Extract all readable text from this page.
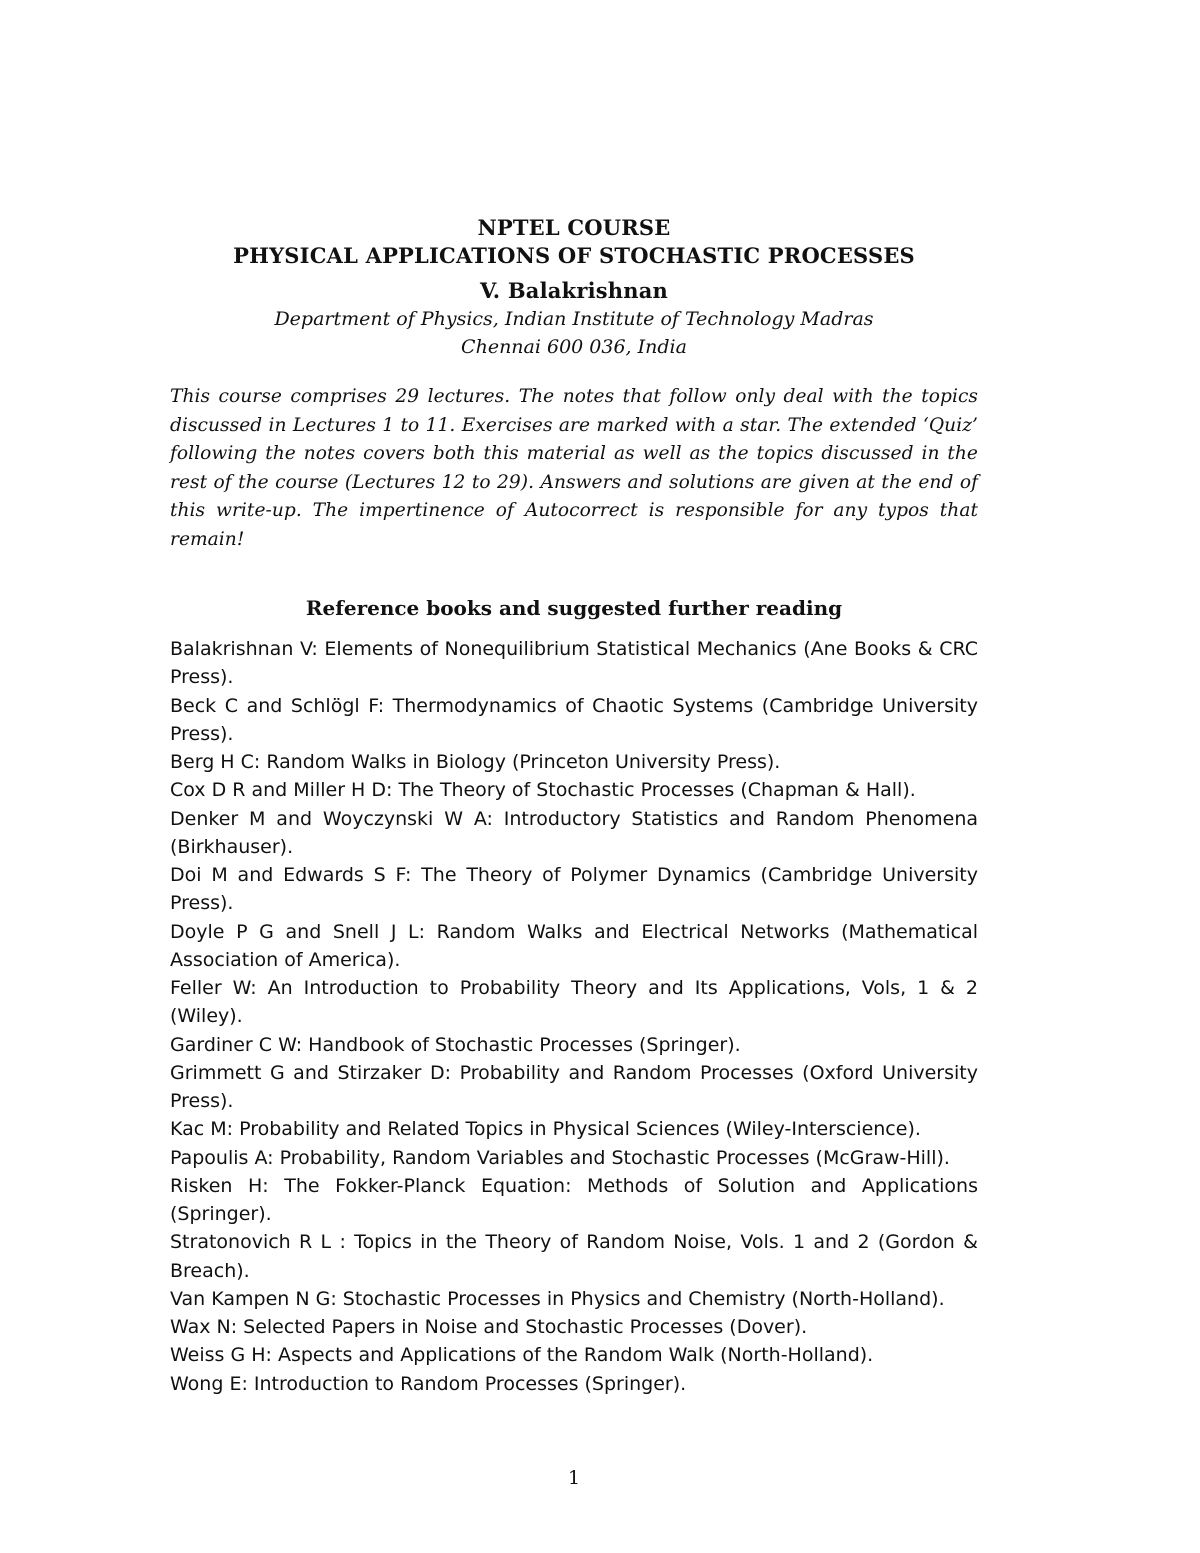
NPTEL COURSE
PHYSICAL APPLICATIONS OF STOCHASTIC PROCESSES
V. Balakrishnan
Department of Physics, Indian Institute of Technology Madras
Chennai 600 036, India
This course comprises 29 lectures. The notes that follow only deal with the topics discussed in Lectures 1 to 11. Exercises are marked with a star. The extended ‘Quiz’ following the notes covers both this material as well as the topics discussed in the rest of the course (Lectures 12 to 29). Answers and solutions are given at the end of this write-up. The impertinence of Autocorrect is responsible for any typos that remain!
Reference books and suggested further reading
Balakrishnan V: Elements of Nonequilibrium Statistical Mechanics (Ane Books & CRC Press).
Beck C and Schlögl F: Thermodynamics of Chaotic Systems (Cambridge University Press).
Berg H C: Random Walks in Biology (Princeton University Press).
Cox D R and Miller H D: The Theory of Stochastic Processes (Chapman & Hall).
Denker M and Woyczynski W A: Introductory Statistics and Random Phenomena (Birkhauser).
Doi M and Edwards S F: The Theory of Polymer Dynamics (Cambridge University Press).
Doyle P G and Snell J L: Random Walks and Electrical Networks (Mathematical Association of America).
Feller W: An Introduction to Probability Theory and Its Applications, Vols, 1 & 2 (Wiley).
Gardiner C W: Handbook of Stochastic Processes (Springer).
Grimmett G and Stirzaker D: Probability and Random Processes (Oxford University Press).
Kac M: Probability and Related Topics in Physical Sciences (Wiley-Interscience).
Papoulis A: Probability, Random Variables and Stochastic Processes (McGraw-Hill).
Risken H: The Fokker-Planck Equation: Methods of Solution and Applications (Springer).
Stratonovich R L : Topics in the Theory of Random Noise, Vols. 1 and 2 (Gordon & Breach).
Van Kampen N G: Stochastic Processes in Physics and Chemistry (North-Holland).
Wax N: Selected Papers in Noise and Stochastic Processes (Dover).
Weiss G H: Aspects and Applications of the Random Walk (North-Holland).
Wong E: Introduction to Random Processes (Springer).
1
